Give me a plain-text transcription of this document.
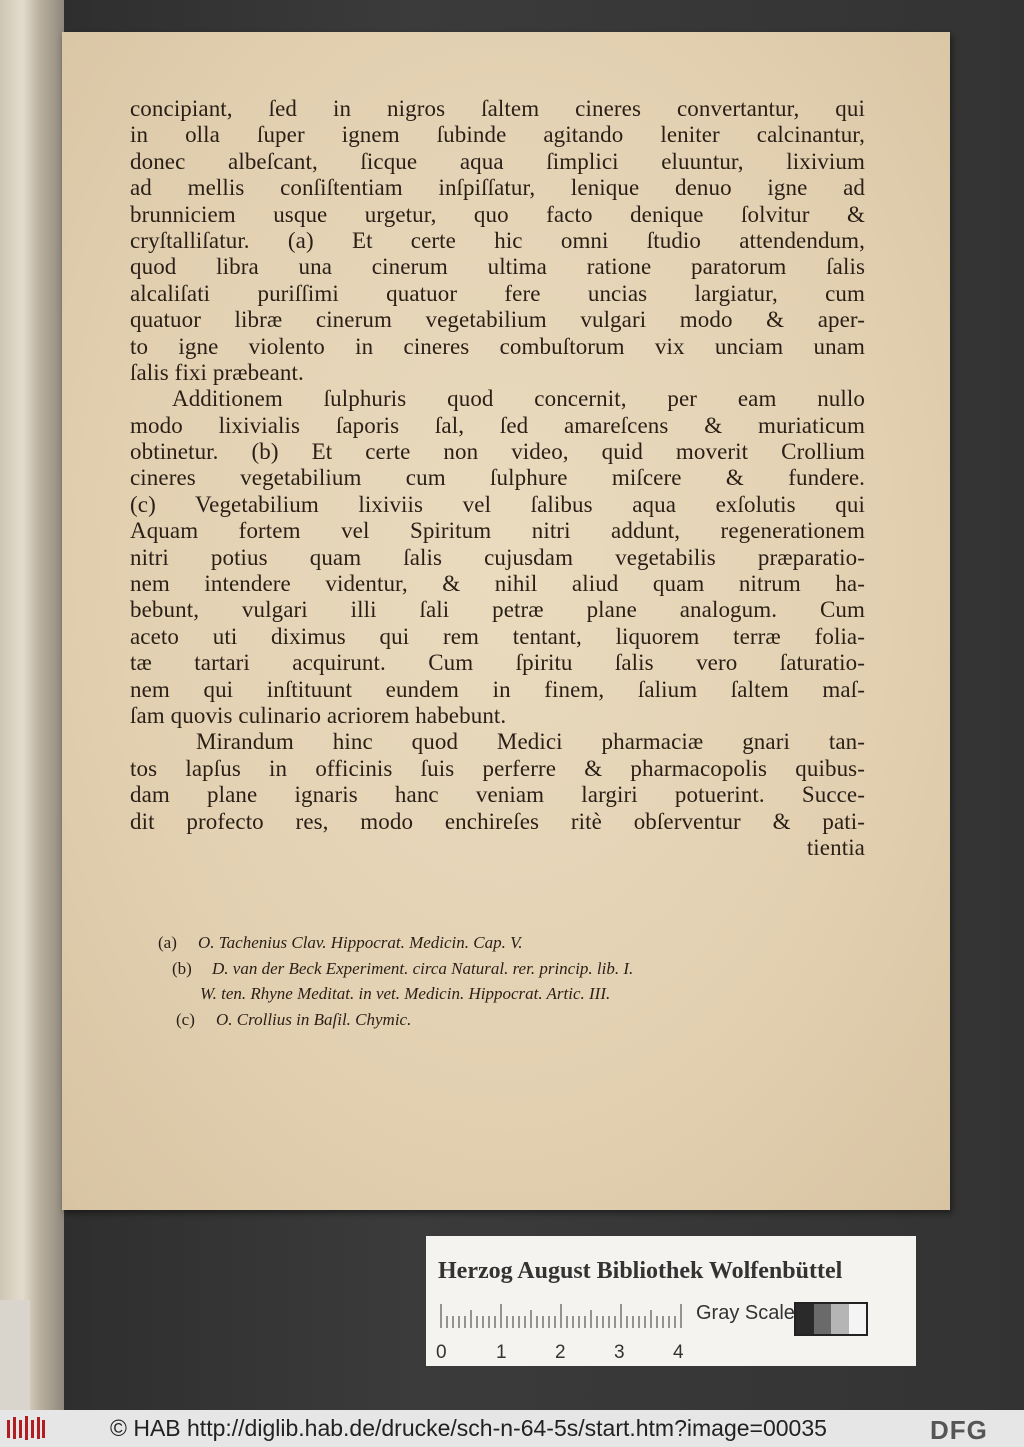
concipiant, ſed in nigros ſaltem cineres convertantur, qui
in olla ſuper ignem ſubinde agitando leniter calcinantur,
donec albeſcant, ſicque aqua ſimplici eluuntur, lixivium
ad mellis conſiſtentiam inſpiſſatur, lenique denuo igne ad
brunniciem usque urgetur, quo facto denique ſolvitur &
cryſtalliſatur. (a) Et certe hic omni ſtudio attendendum,
quod libra una cinerum ultima ratione paratorum ſalis
alcaliſati puriſſimi quatuor fere uncias largiatur, cum
quatuor libræ cinerum vegetabilium vulgari modo & aper-
to igne violento in cineres combuſtorum vix unciam unam
ſalis fixi præbeant.
Additionem ſulphuris quod concernit, per eam nullo
modo lixivialis ſaporis ſal, ſed amareſcens & muriaticum
obtinetur. (b) Et certe non video, quid moverit Crollium
cineres vegetabilium cum ſulphure miſcere & fundere.
(c) Vegetabilium lixiviis vel ſalibus aqua exſolutis qui
Aquam fortem vel Spiritum nitri addunt, regenerationem
nitri potius quam ſalis cujusdam vegetabilis præparatio-
nem intendere videntur, & nihil aliud quam nitrum ha-
bebunt, vulgari illi ſali petræ plane analogum. Cum
aceto uti diximus qui rem tentant, liquorem terræ folia-
tæ tartari acquirunt. Cum ſpiritu ſalis vero ſaturatio-
nem qui inſtituunt eundem in finem, ſalium ſaltem maſ-
ſam quovis culinario acriorem habebunt.
Mirandum hinc quod Medici pharmaciæ gnari tan-
tos lapſus in officinis ſuis perferre & pharmacopolis quibus-
dam plane ignaris hanc veniam largiri potuerint. Succe-
dit profecto res, modo enchireſes ritè obſerventur & pati-
tientia
(a) O. Tachenius Clav. Hippocrat. Medicin. Cap. V.
(b) D. van der Beck Experiment. circa Natural. rer. princip. lib. I.
W. ten. Rhyne Meditat. in vet. Medicin. Hippocrat. Artic. III.
(c) O. Crollius in Baſil. Chymic.
Herzog August Bibliothek Wolfenbüttel
0	1	2	3	4
Gray Scale
© HAB http://diglib.hab.de/drucke/sch-n-64-5s/start.htm?image=00035	DFG
